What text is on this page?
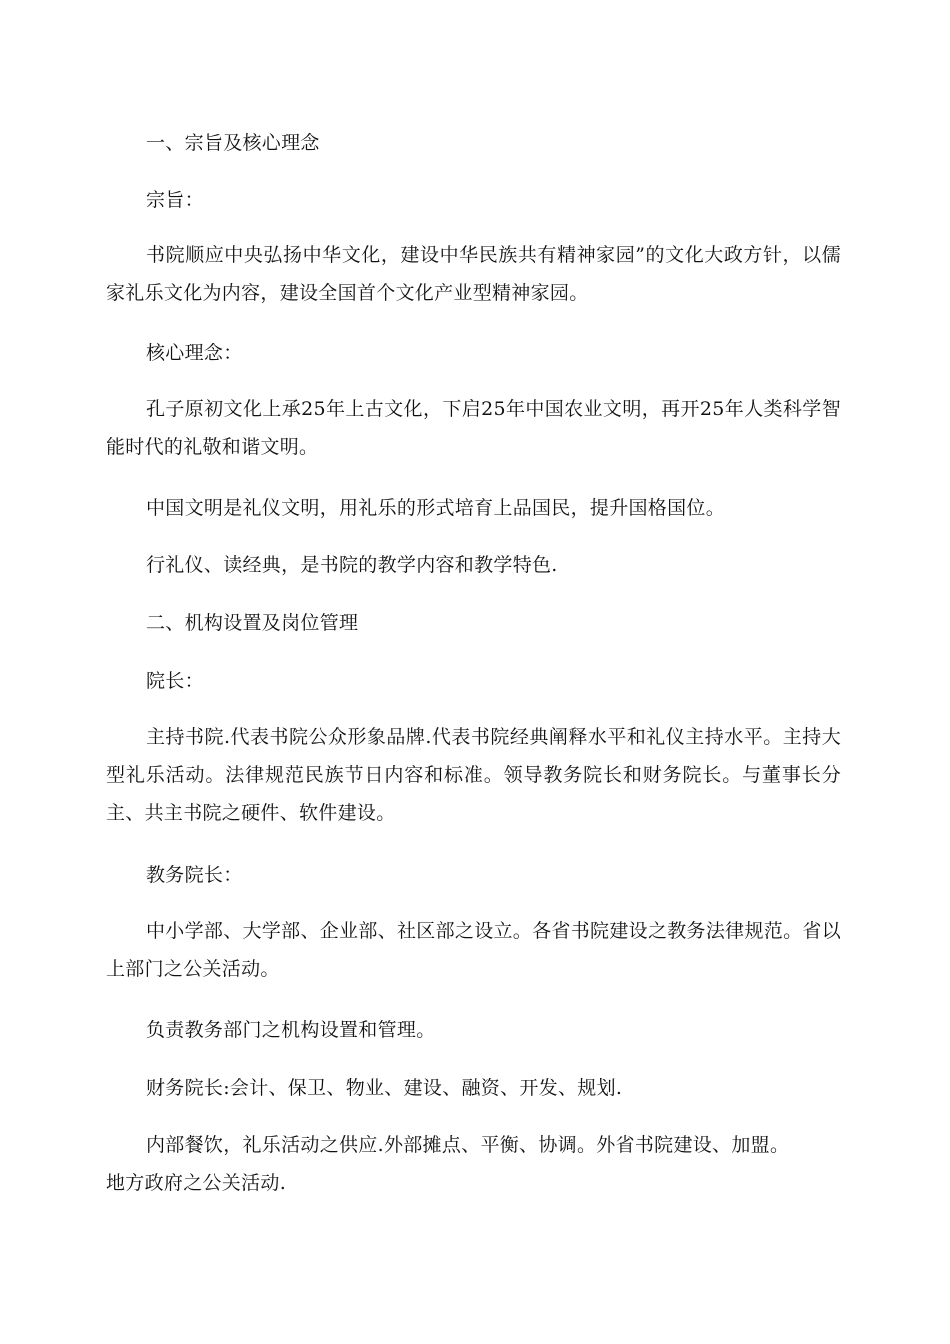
一、宗旨及核心理念

宗旨：

书院顺应中央弘扬中华文化，建设中华民族共有精神家园”的文化大政方针，以儒家礼乐文化为内容，建设全国首个文化产业型精神家园。

核心理念：

孔子原初文化上承25年上古文化，下启25年中国农业文明，再开25年人类科学智能时代的礼敬和谐文明。

中国文明是礼仪文明，用礼乐的形式培育上品国民，提升国格国位。

行礼仪、读经典，是书院的教学内容和教学特色.

二、机构设置及岗位管理

院长：

主持书院.代表书院公众形象品牌.代表书院经典阐释水平和礼仪主持水平。主持大型礼乐活动。法律规范民族节日内容和标准。领导教务院长和财务院长。与董事长分主、共主书院之硬件、软件建设。

教务院长：

中小学部、大学部、企业部、社区部之设立。各省书院建设之教务法律规范。省以上部门之公关活动。

负责教务部门之机构设置和管理。

财务院长:会计、保卫、物业、建设、融资、开发、规划.

内部餐饮，礼乐活动之供应.外部摊点、平衡、协调。外省书院建设、加盟。
地方政府之公关活动.
